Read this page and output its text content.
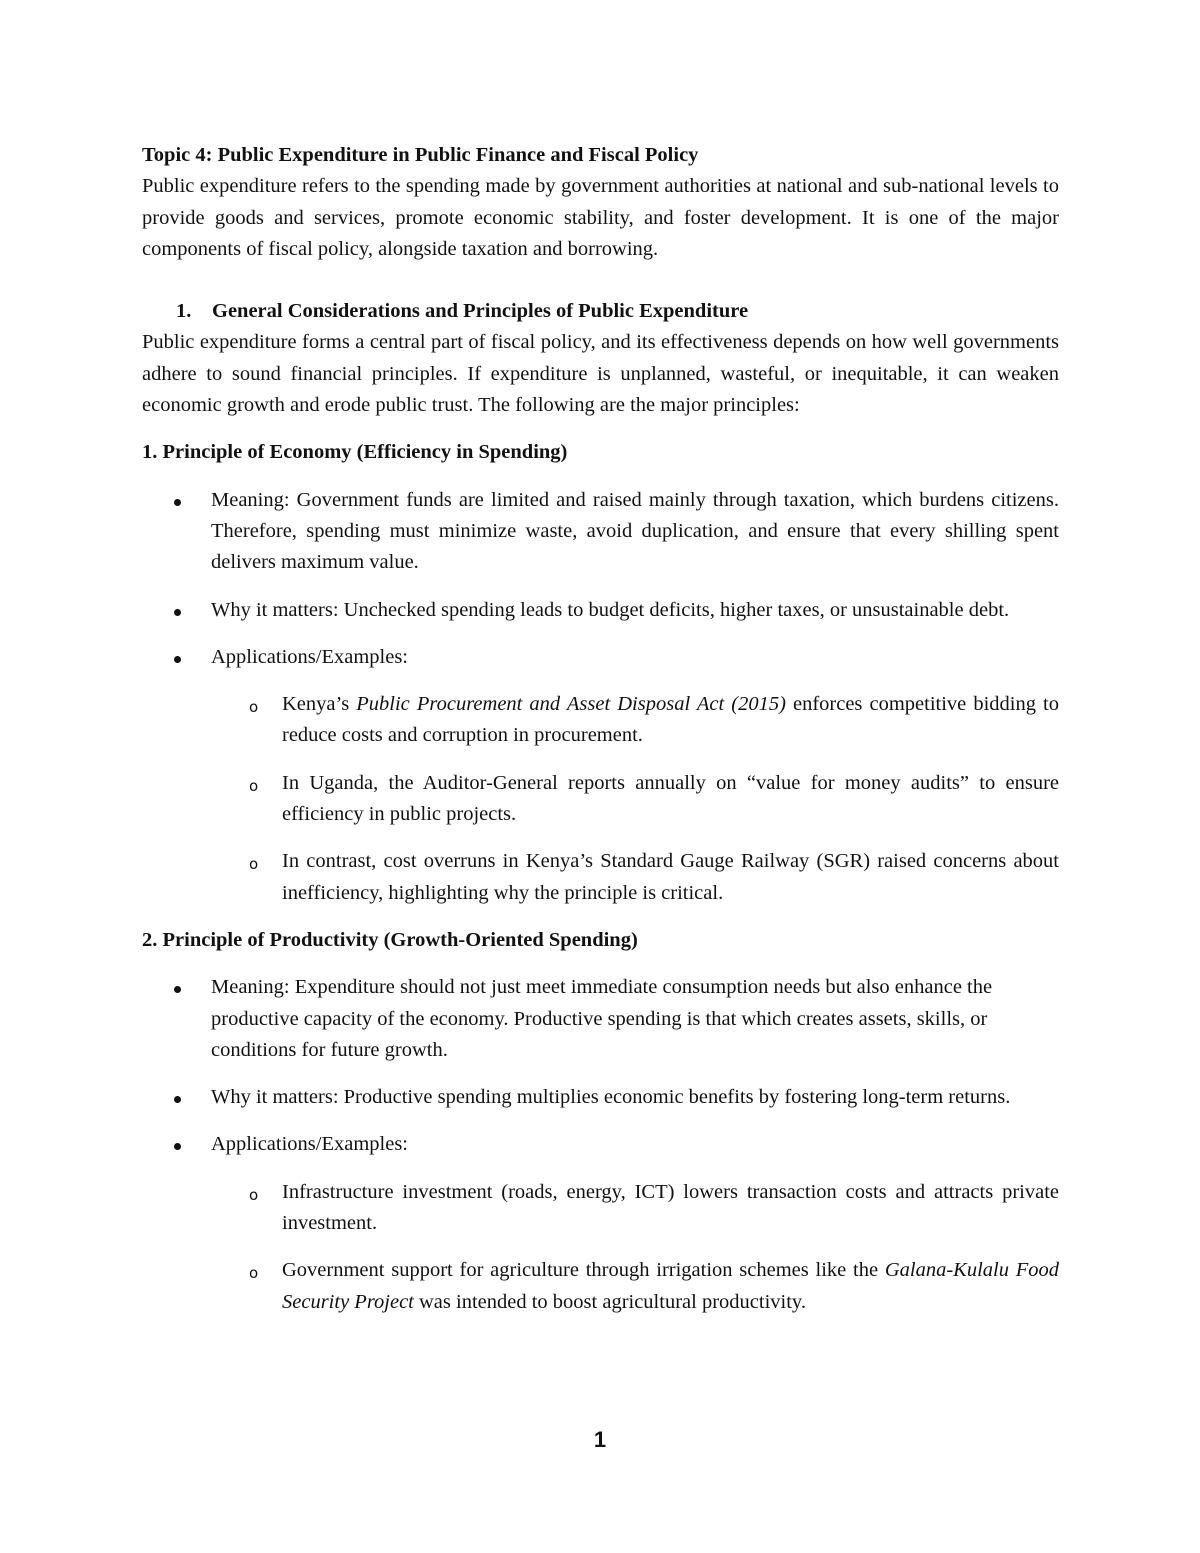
Topic 4: Public Expenditure in Public Finance and Fiscal Policy

Public expenditure refers to the spending made by government authorities at national and sub-national levels to provide goods and services, promote economic stability, and foster development. It is one of the major components of fiscal policy, alongside taxation and borrowing.

1.	General Considerations and Principles of Public Expenditure

Public expenditure forms a central part of fiscal policy, and its effectiveness depends on how well governments adhere to sound financial principles. If expenditure is unplanned, wasteful, or inequitable, it can weaken economic growth and erode public trust. The following are the major principles:

1. Principle of Economy (Efficiency in Spending)

Meaning: Government funds are limited and raised mainly through taxation, which burdens citizens. Therefore, spending must minimize waste, avoid duplication, and ensure that every shilling spent delivers maximum value.
Why it matters: Unchecked spending leads to budget deficits, higher taxes, or unsustainable debt.
Applications/Examples:
o Kenya’s Public Procurement and Asset Disposal Act (2015) enforces competitive bidding to reduce costs and corruption in procurement.
o In Uganda, the Auditor-General reports annually on “value for money audits” to ensure efficiency in public projects.
o In contrast, cost overruns in Kenya’s Standard Gauge Railway (SGR) raised concerns about inefficiency, highlighting why the principle is critical.

2. Principle of Productivity (Growth-Oriented Spending)

Meaning: Expenditure should not just meet immediate consumption needs but also enhance the productive capacity of the economy. Productive spending is that which creates assets, skills, or conditions for future growth.
Why it matters: Productive spending multiplies economic benefits by fostering long-term returns.
Applications/Examples:
o Infrastructure investment (roads, energy, ICT) lowers transaction costs and attracts private investment.
o Government support for agriculture through irrigation schemes like the Galana-Kulalu Food Security Project was intended to boost agricultural productivity.
1
